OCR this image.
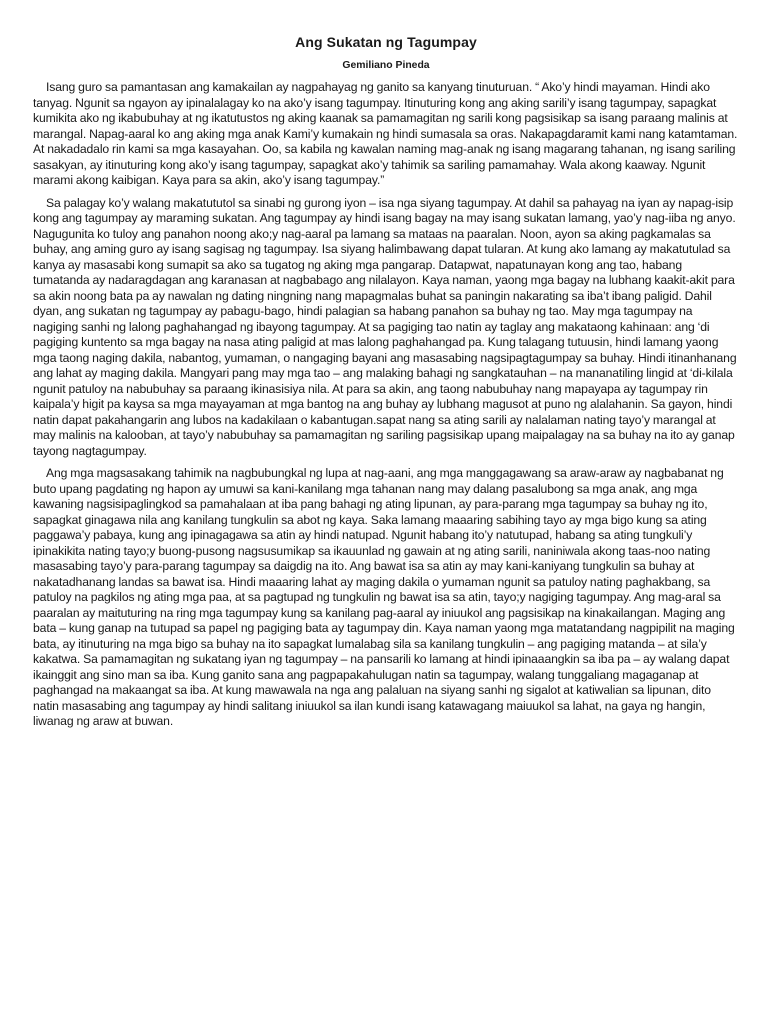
Ang Sukatan ng Tagumpay
Gemiliano Pineda

Isang guro sa pamantasan ang kamakailan ay nagpahayag ng ganito sa kanyang tinuturuan. “ Ako’y hindi mayaman. Hindi ako tanyag. Ngunit sa ngayon ay ipinalalagay ko na ako’y isang tagumpay. Itinuturing kong ang aking sarili’y isang tagumpay, sapagkat kumikita ako ng ikabubuhay at ng ikatutustos ng aking kaanak sa pamamagitan ng sarili kong pagsisikap sa isang paraang malinis at marangal. Napag-aaral ko ang aking mga anak Kami’y kumakain ng hindi sumasala sa oras. Nakapagdaramit kami nang katamtaman. At nakadadalo rin kami sa mga kasayahan. Oo, sa kabila ng kawalan naming mag-anak ng isang magarang tahanan, ng isang sariling sasakyan, ay itinuturing kong ako’y isang tagumpay, sapagkat ako’y tahimik sa sariling pamamahay. Wala akong kaaway. Ngunit marami akong kaibigan. Kaya para sa akin, ako’y isang tagumpay.”

Sa palagay ko’y walang makatututol sa sinabi ng gurong iyon – isa nga siyang tagumpay. At dahil sa pahayag na iyan ay napag-isip kong ang tagumpay ay maraming sukatan. Ang tagumpay ay hindi isang bagay na may isang sukatan lamang, yao’y nag-iiba ng anyo. Nagugunita ko tuloy ang panahon noong ako;y nag-aaral pa lamang sa mataas na paaralan. Noon, ayon sa aking pagkamalas sa buhay, ang aming guro ay isang sagisag ng tagumpay. Isa siyang halimbawang dapat tularan. At kung ako lamang ay makatutulad sa kanya ay masasabi kong sumapit sa ako sa tugatog ng aking mga pangarap. Datapwat, napatunayan kong ang tao, habang tumatanda ay nadaragdagan ang karanasan at nagbabago ang nilalayon. Kaya naman, yaong mga bagay na lubhang kaakit-akit para sa akin noong bata pa ay nawalan ng dating ningning nang mapagmalas buhat sa paningin nakarating sa iba’t ibang paligid. Dahil dyan, ang sukatan ng tagumpay ay pabagu-bago, hindi palagian sa habang panahon sa buhay ng tao. May mga tagumpay na nagiging sanhi ng lalong paghahangad ng ibayong tagumpay. At sa pagiging tao natin ay taglay ang makataong kahinaan: ang ‘di pagiging kuntento sa mga bagay na nasa ating paligid at mas lalong paghahangad pa. Kung talagang tutuusin, hindi lamang yaong mga taong naging dakila, nabantog, yumaman, o nangaging bayani ang masasabing nagsipagtagumpay sa buhay. Hindi itinanhanang ang lahat ay maging dakila. Mangyari pang may mga tao – ang malaking bahagi ng sangkatauhan – na mananatiling lingid at ‘di-kilala ngunit patuloy na nabubuhay sa paraang ikinasisiya nila. At para sa akin, ang taong nabubuhay nang mapayapa ay tagumpay rin kaipala’y higit pa kaysa sa mga mayayaman at mga bantog na ang buhay ay lubhang magusot at puno ng alalahanin. Sa gayon, hindi natin dapat pakahangarin ang lubos na kadakilaan o kabantugan.sapat nang sa ating sarili ay nalalaman nating tayo’y marangal at may malinis na kalooban, at tayo’y nabubuhay sa pamamagitan ng sariling pagsisikap upang maipalagay na sa buhay na ito ay ganap tayong nagtagumpay.

Ang mga magsasakang tahimik na nagbubungkal ng lupa at nag-aani, ang mga manggagawang sa araw-araw ay nagbabanat ng buto upang pagdating ng hapon ay umuwi sa kani-kanilang mga tahanan nang may dalang pasalubong sa mga anak, ang mga kawaning nagsisipaglingkod sa pamahalaan at iba pang bahagi ng ating lipunan, ay para-parang mga tagumpay sa buhay ng ito, sapagkat ginagawa nila ang kanilang tungkulin sa abot ng kaya. Saka lamang maaaring sabihing tayo ay mga bigo kung sa ating paggawa’y pabaya, kung ang ipinagagawa sa atin ay hindi natupad. Ngunit habang ito’y natutupad, habang sa ating tungkuli’y ipinakikita nating tayo;y buong-pusong nagsusumikap sa ikauunlad ng gawain at ng ating sarili, naniniwala akong taas-noo nating masasabing tayo’y para-parang tagumpay sa daigdig na ito. Ang bawat isa sa atin ay may kani-kaniyang tungkulin sa buhay at nakatadhanang landas sa bawat isa. Hindi maaaring lahat ay maging dakila o yumaman ngunit sa patuloy nating paghakbang, sa patuloy na pagkilos ng ating mga paa, at sa pagtupad ng tungkulin ng bawat isa sa atin, tayo;y nagiging tagumpay. Ang mag-aral sa paaralan ay maituturing na ring mga tagumpay kung sa kanilang pag-aaral ay iniuukol ang pagsisikap na kinakailangan. Maging ang bata – kung ganap na tutupad sa papel ng pagiging bata ay tagumpay din. Kaya naman yaong mga matatandang nagpipilit na maging bata, ay itinuturing na mga bigo sa buhay na ito sapagkat lumalabag sila sa kanilang tungkulin – ang pagiging matanda – at sila’y kakatwa. Sa pamamagitan ng sukatang iyan ng tagumpay – na pansarili ko lamang at hindi ipinaaangkin sa iba pa – ay walang dapat ikainggit ang sino man sa iba. Kung ganito sana ang pagpapakahulugan natin sa tagumpay, walang tunggaliang magaganap at paghangad na makaangat sa iba. At kung mawawala na nga ang palaluan na siyang sanhi ng sigalot at katiwalian sa lipunan, dito natin masasabing ang tagumpay ay hindi salitang iniuukol sa ilan kundi isang katawagang maiuukol sa lahat, na gaya ng hangin, liwanag ng araw at buwan.
